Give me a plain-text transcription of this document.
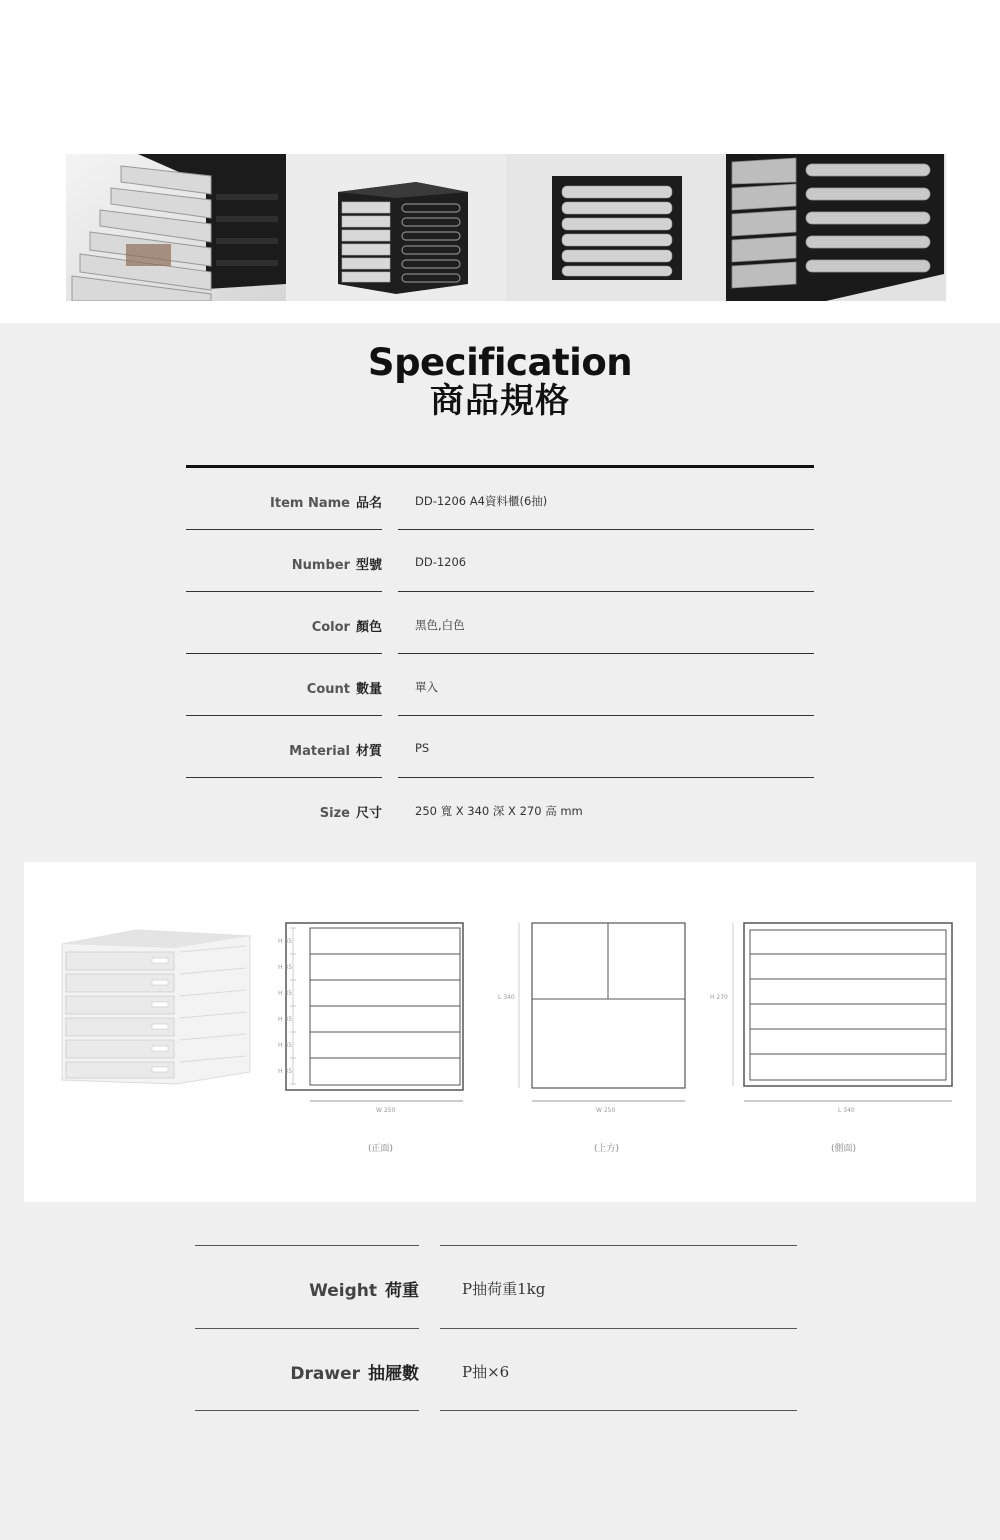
Specification
商品規格
Item Name 品名	DD-1206 A4資料櫃(6抽)
Number 型號	DD-1206
Color 顏色	黑色,白色
Count 數量	單入
Material 材質	PS
Size 尺寸	250 寬 X 340 深 X 270 高 mm
H 35
H 35
H 35
H 35
H 35
H 35
W 250
L 340
W 250
H 270
L 340
(正面)	(上方)	(側面)
Weight 荷重	P抽荷重1kg
Drawer 抽屜數	P抽×6
